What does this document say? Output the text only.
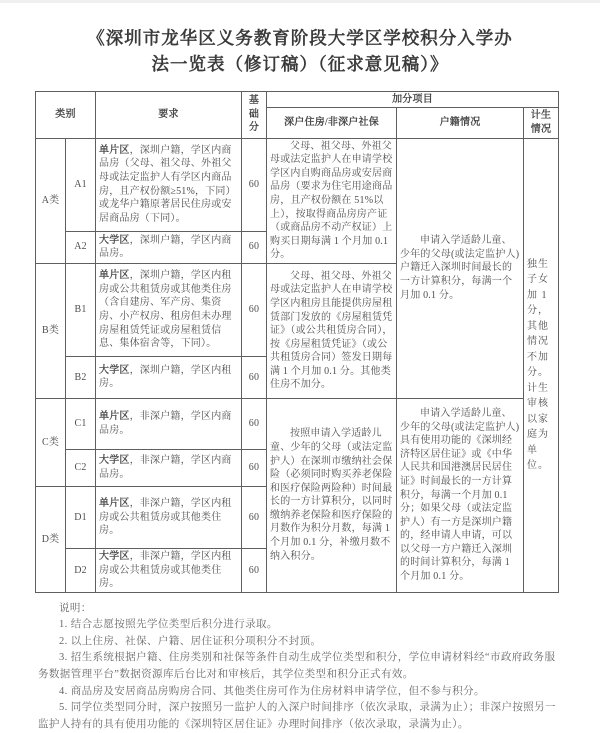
《深圳市龙华区义务教育阶段大学区学校积分入学办
法一览表（修订稿）（征求意见稿）》
类别		要求	基础分	加分项目		
				深户住房/非深户社保	户籍情况	计生情况
A类	A1	单片区，深圳户籍，学区内商品房（父母、祖父母、外祖父母或法定监护人有学区内商品房，且产权份额≥51%，下同）或龙华户籍原著居民住房或安居商品房（下同）。	60	父母、祖父母、外祖父母或法定监护人在申请学校学区内自购商品房或安居商品房（要求为住宅用途商品房，且产权份额在 51%以上），按取得商品房房产证（或商品房不动产权证）上购买日期每满 1 个月加 0.1 分。	申请入学适龄儿童、少年的父母(或法定监护人)户籍迁入深圳时间最长的一方计算积分，每满一个月加 0.1 分。	独生子女加 1 分，其他情况不加分。计生审核以家庭为单位。
	A2	大学区，深圳户籍，学区内商品房。	60			
B类	B1	单片区，深圳户籍，学区内租房或公共租赁房或其他类住房（含自建房、军产房、集资房、小产权房、租房但未办理房屋租赁凭证或房屋租赁信息、集体宿舍等，下同）。	60	父母、祖父母、外祖父母或法定监护人在申请学校学区内租房且能提供房屋租赁部门发放的《房屋租赁凭证》（或公共租赁房合同），按《房屋租赁凭证》（或公共租赁房合同）签发日期每满 1 个月加 0.1 分。其他类住房不加分。		
	B2	大学区，深圳户籍，学区内租房。	60			
C类	C1	单片区，非深户籍，学区内商品房。	60	按照申请入学适龄儿童、少年的父母（或法定监护人）在深圳市缴纳社会保险（必须同时购买养老保险和医疗保险两险种）时间最长的一方计算积分，以同时缴纳养老保险和医疗保险的月数作为积分月数，每满 1 个月加 0.1 分，补缴月数不纳入积分。	申请入学适龄儿童、少年的父母(或法定监护人)具有使用功能的《深圳经济特区居住证》或《中华人民共和国港澳居民居住证》时间最长的一方计算积分，每满一个月加 0.1 分；如果父母（或法定监护人）有一方是深圳户籍的，经申请人申请，可以以父母一方户籍迁入深圳的时间计算积分，每满 1 个月加 0.1 分。	
	C2	大学区，非深户籍，学区内商品房。	60			
D类	D1	单片区，非深户籍，学区内租房或公共租赁房或其他类住房。	60			
	D2	大学区，非深户籍，学区内租房或公共租赁房或其他类住房。	60			

说明：

1. 结合志愿按照先学位类型后积分进行录取。

2. 以上住房、社保、户籍、居住证积分项积分不封顶。

3. 招生系统根据户籍、住房类别和社保等条件自动生成学位类型和积分，学位申请材料经“市政府政务服务数据管理平台”数据资源库后台比对和审核后，其学位类型和积分正式有效。

4. 商品房及安居商品房购房合同、其他类住房可作为住房材料申请学位，但不参与积分。

5. 同学位类型同分时，深户按照另一监护人的入深户时间排序（依次录取，录满为止）；非深户按照另一监护人持有的具有使用功能的《深圳特区居住证》办理时间排序（依次录取，录满为止）。
